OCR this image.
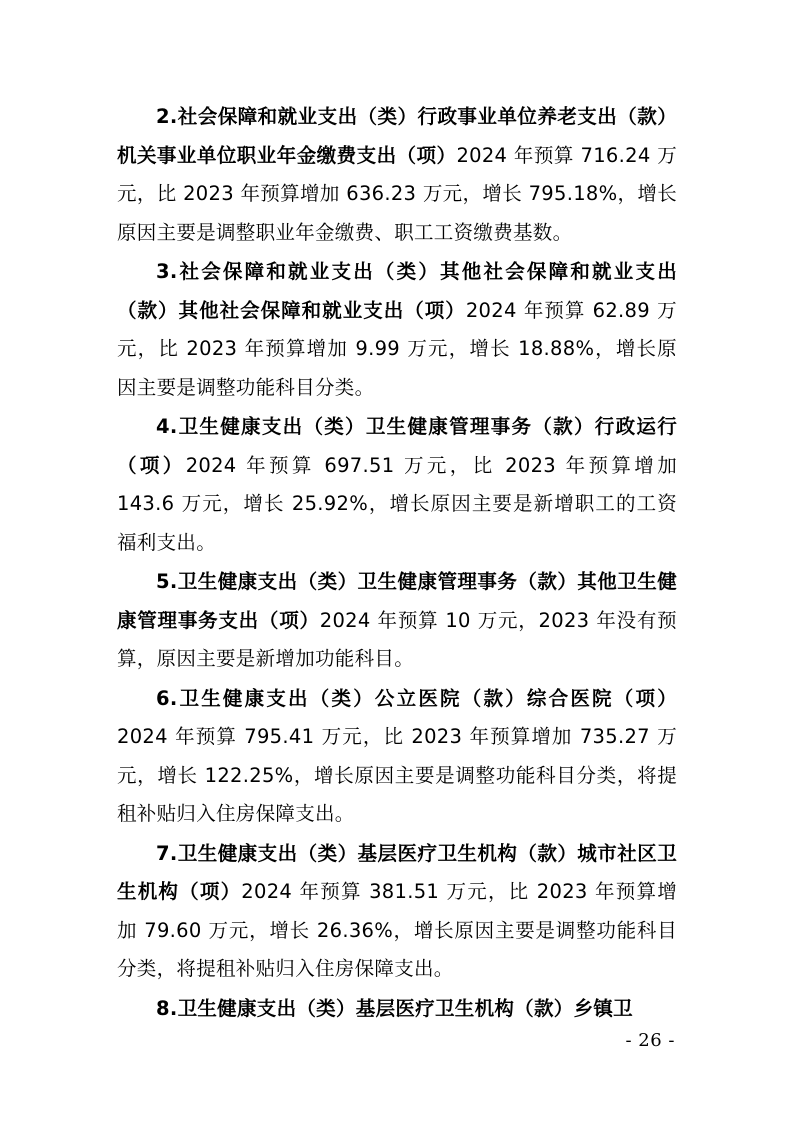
2.社会保障和就业支出（类）行政事业单位养老支出（款）机关事业单位职业年金缴费支出（项）2024 年预算 716.24 万元，比 2023 年预算增加 636.23 万元，增长 795.18%，增长原因主要是调整职业年金缴费、职工工资缴费基数。

3.社会保障和就业支出（类）其他社会保障和就业支出（款）其他社会保障和就业支出（项）2024 年预算 62.89 万元，比 2023 年预算增加 9.99 万元，增长 18.88%，增长原因主要是调整功能科目分类。

4.卫生健康支出（类）卫生健康管理事务（款）行政运行（项）2024 年预算 697.51 万元，比 2023 年预算增加 143.6 万元，增长 25.92%，增长原因主要是新增职工的工资福利支出。

5.卫生健康支出（类）卫生健康管理事务（款）其他卫生健康管理事务支出（项）2024 年预算 10 万元，2023 年没有预算，原因主要是新增加功能科目。

6.卫生健康支出（类）公立医院（款）综合医院（项）2024 年预算 795.41 万元，比 2023 年预算增加 735.27 万元，增长 122.25%，增长原因主要是调整功能科目分类，将提租补贴归入住房保障支出。

7.卫生健康支出（类）基层医疗卫生机构（款）城市社区卫生机构（项）2024 年预算 381.51 万元，比 2023 年预算增加 79.60 万元，增长 26.36%，增长原因主要是调整功能科目分类，将提租补贴归入住房保障支出。

8.卫生健康支出（类）基层医疗卫生机构（款）乡镇卫

- 26 -
